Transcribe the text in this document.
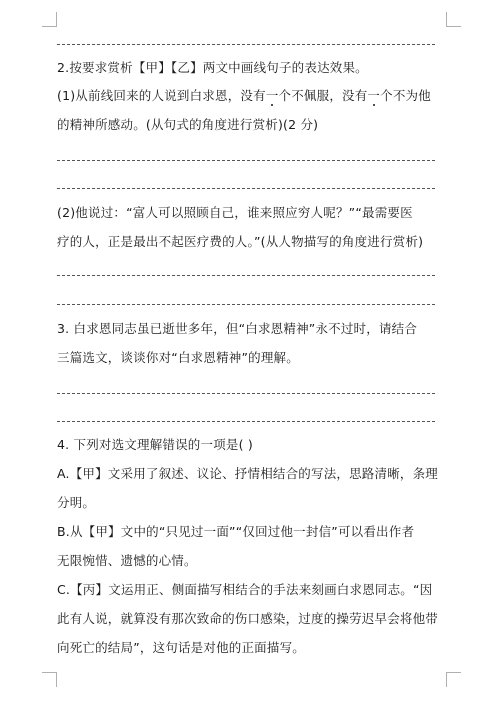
2.按要求赏析【甲】【乙】两文中画线句子的表达效果。
(1)从前线回来的人说到白求恩，没有一个不佩服，没有一个不为他
的精神所感动。(从句式的角度进行赏析)(2 分)
(2)他说过：“富人可以照顾自己，谁来照应穷人呢？”“最需要医
疗的人，正是最出不起医疗费的人。”(从人物描写的角度进行赏析)
3. 白求恩同志虽已逝世多年，但“白求恩精神”永不过时，请结合
三篇选文，谈谈你对“白求恩精神”的理解。
4. 下列对选文理解错误的一项是( )
A.【甲】文采用了叙述、议论、抒情相结合的写法，思路清晰，条理
分明。
B.从【甲】文中的“只见过一面”“仅回过他一封信”可以看出作者
无限惋惜、遗憾的心情。
C.【丙】文运用正、侧面描写相结合的手法来刻画白求恩同志。“因
此有人说，就算没有那次致命的伤口感染，过度的操劳迟早会将他带
向死亡的结局”，这句话是对他的正面描写。
